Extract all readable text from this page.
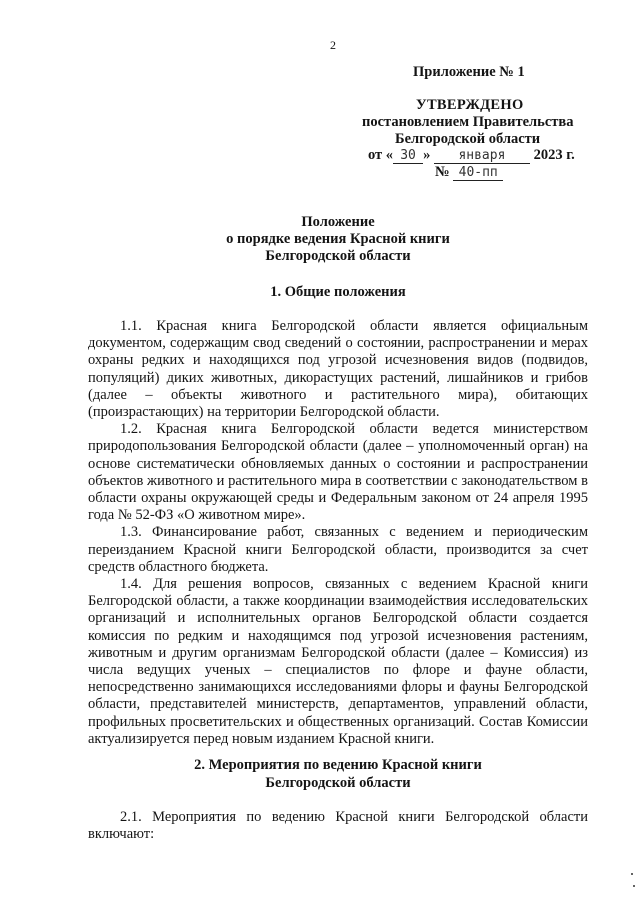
2
Приложение № 1
УТВЕРЖДЕНО
постановлением Правительства
Белгородской области
от « 30 » января 2023 г.
№ 40-пп
Положение
о порядке ведения Красной книги
Белгородской области
1. Общие положения

1.1. Красная книга Белгородской области является официальным документом, содержащим свод сведений о состоянии, распространении и мерах охраны редких и находящихся под угрозой исчезновения видов (подвидов, популяций) диких животных, дикорастущих растений, лишайников и грибов (далее – объекты животного и растительного мира), обитающих (произрастающих) на территории Белгородской области.

1.2. Красная книга Белгородской области ведется министерством природопользования Белгородской области (далее – уполномоченный орган) на основе систематически обновляемых данных о состоянии и распространении объектов животного и растительного мира в соответствии с законодательством в области охраны окружающей среды и Федеральным законом от 24 апреля 1995 года № 52-ФЗ «О животном мире».

1.3. Финансирование работ, связанных с ведением и периодическим переизданием Красной книги Белгородской области, производится за счет средств областного бюджета.

1.4. Для решения вопросов, связанных с ведением Красной книги Белгородской области, а также координации взаимодействия исследовательских организаций и исполнительных органов Белгородской области создается комиссия по редким и находящимся под угрозой исчезновения растениям, животным и другим организмам Белгородской области (далее – Комиссия) из числа ведущих ученых – специалистов по флоре и фауне области, непосредственно занимающихся исследованиями флоры и фауны Белгородской области, представителей министерств, департаментов, управлений области, профильных просветительских и общественных организаций. Состав Комиссии актуализируется перед новым изданием Красной книги.

2. Мероприятия по ведению Красной книги
Белгородской области

2.1. Мероприятия по ведению Красной книги Белгородской области включают:
